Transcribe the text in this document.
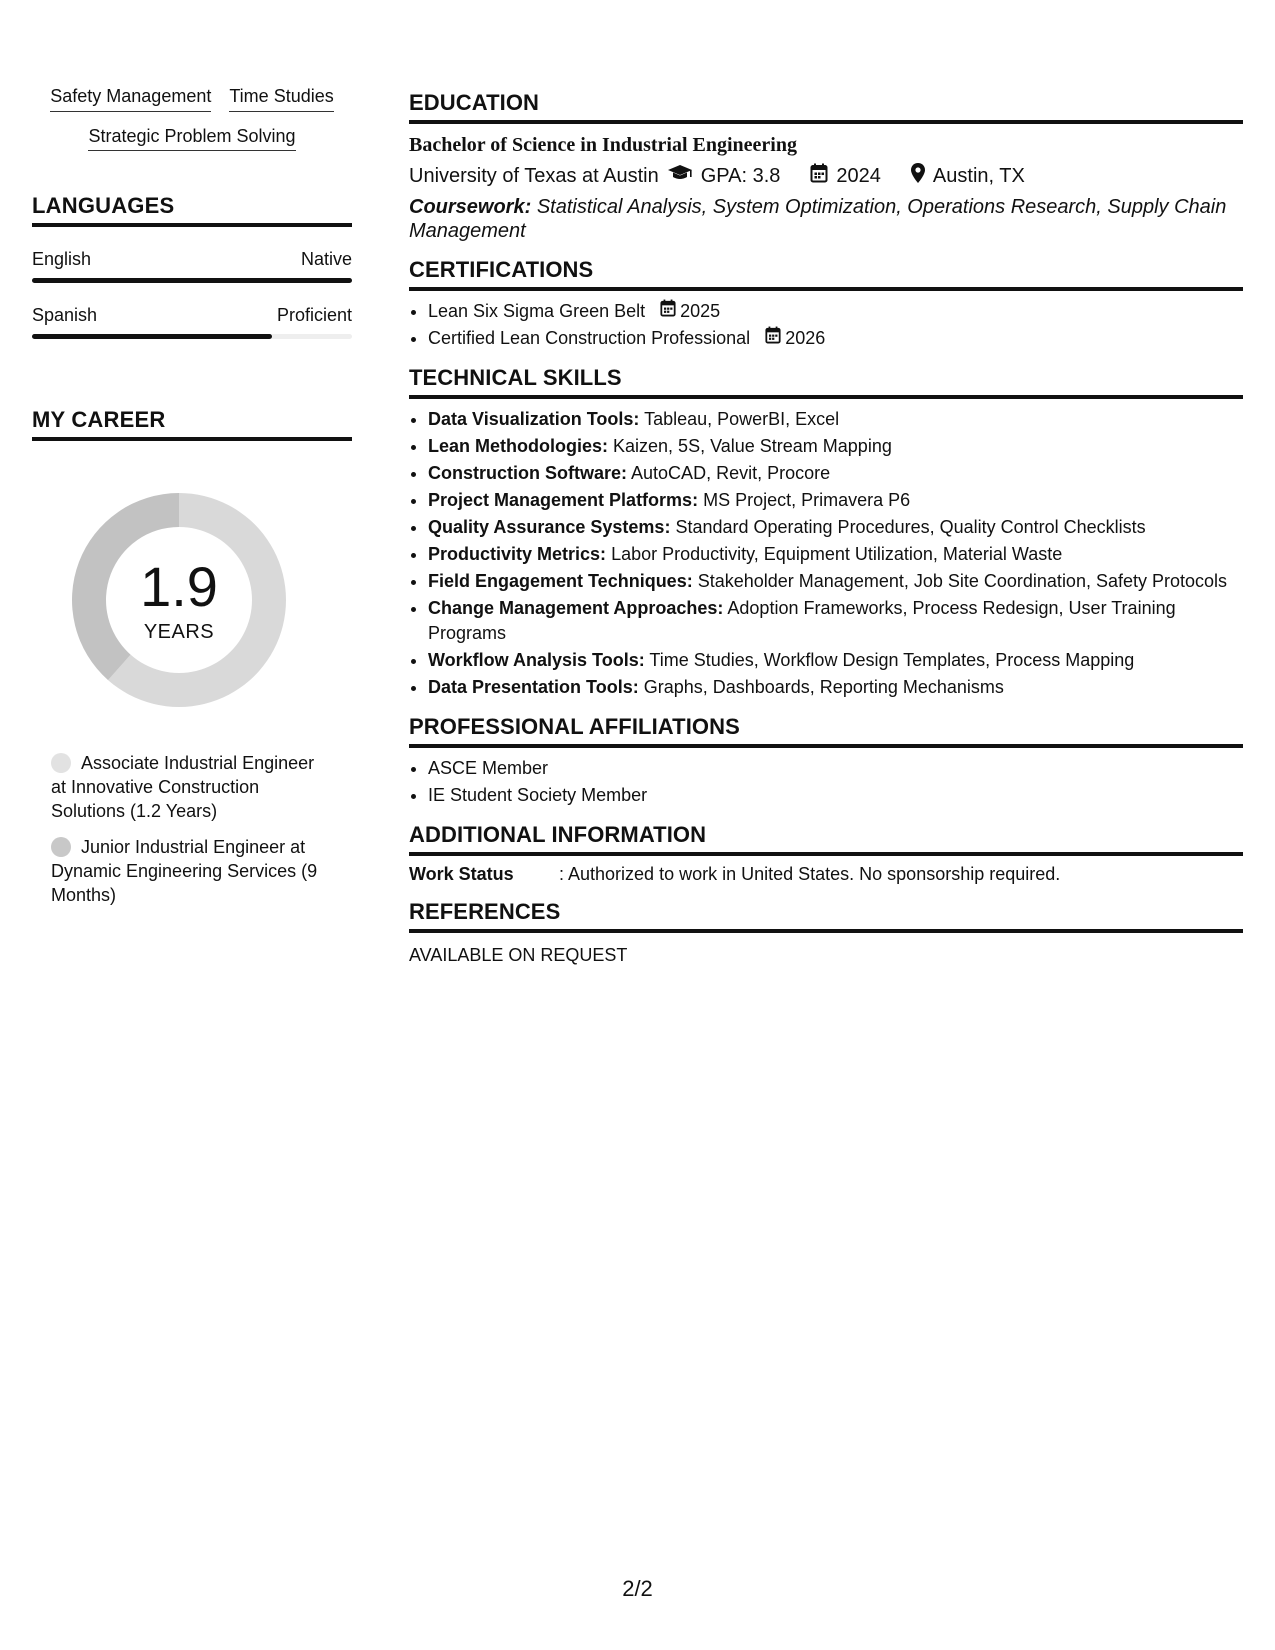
Safety Management Time Studies
Strategic Problem Solving
LANGUAGES
English	Native
Spanish	Proficient
MY CAREER
1.9
YEARS
Associate Industrial Engineer at Innovative Construction Solutions (1.2 Years)
Junior Industrial Engineer at Dynamic Engineering Services (9 Months)
EDUCATION
Bachelor of Science in Industrial Engineering
University of Texas at Austin GPA: 3.8	2024	Austin, TX
Coursework: Statistical Analysis, System Optimization, Operations Research, Supply Chain Management
CERTIFICATIONS
• Lean Six Sigma Green Belt 2025
• Certified Lean Construction Professional 2026
TECHNICAL SKILLS
• Data Visualization Tools: Tableau, PowerBI, Excel
• Lean Methodologies: Kaizen, 5S, Value Stream Mapping
• Construction Software: AutoCAD, Revit, Procore
• Project Management Platforms: MS Project, Primavera P6
• Quality Assurance Systems: Standard Operating Procedures, Quality Control Checklists
• Productivity Metrics: Labor Productivity, Equipment Utilization, Material Waste
• Field Engagement Techniques: Stakeholder Management, Job Site Coordination, Safety Protocols
• Change Management Approaches: Adoption Frameworks, Process Redesign, User Training Programs
• Workflow Analysis Tools: Time Studies, Workflow Design Templates, Process Mapping
• Data Presentation Tools: Graphs, Dashboards, Reporting Mechanisms
PROFESSIONAL AFFILIATIONS
• ASCE Member
• IE Student Society Member
ADDITIONAL INFORMATION
Work Status	: Authorized to work in United States. No sponsorship required.
REFERENCES
AVAILABLE ON REQUEST
2/2
